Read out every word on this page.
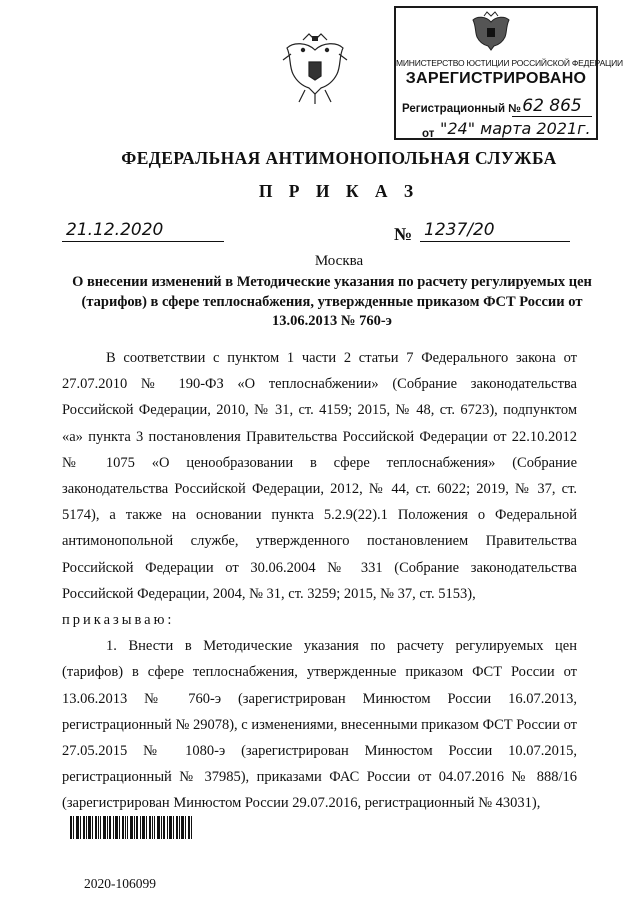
МИНИСТЕРСТВО ЮСТИЦИИ РОССИЙСКОЙ ФЕДЕРАЦИИ
ЗАРЕГИСТРИРОВАНО
Регистрационный № 62 865
от "24" марта 2021г.
ФЕДЕРАЛЬНАЯ АНТИМОНОПОЛЬНАЯ СЛУЖБА
П Р И К А З
21.12.2020	№ 1237/20
Москва
О внесении изменений в Методические указания по расчету регулируемых цен (тарифов) в сфере теплоснабжения, утвержденные приказом ФСТ России от 13.06.2013 № 760-э

В соответствии с пунктом 1 части 2 статьи 7 Федерального закона от 27.07.2010 № 190-ФЗ «О теплоснабжении» (Собрание законодательства Российской Федерации, 2010, № 31, ст. 4159; 2015, № 48, ст. 6723), подпунктом «а» пункта 3 постановления Правительства Российской Федерации от 22.10.2012 № 1075 «О ценообразовании в сфере теплоснабжения» (Собрание законодательства Российской Федерации, 2012, № 44, ст. 6022; 2019, № 37, ст. 5174), а также на основании пункта 5.2.9(22).1 Положения о Федеральной антимонопольной службе, утвержденного постановлением Правительства Российской Федерации от 30.06.2004 № 331 (Собрание законодательства Российской Федерации, 2004, № 31, ст. 3259; 2015, № 37, ст. 5153),

приказываю:

1. Внести в Методические указания по расчету регулируемых цен (тарифов) в сфере теплоснабжения, утвержденные приказом ФСТ России от 13.06.2013 № 760-э (зарегистрирован Минюстом России 16.07.2013, регистрационный № 29078), с изменениями, внесенными приказом ФСТ России от 27.05.2015 № 1080-э (зарегистрирован Минюстом России 10.07.2015, регистрационный № 37985), приказами ФАС России от 04.07.2016 № 888/16 (зарегистрирован Минюстом России 29.07.2016, регистрационный № 43031),

2020-106099
